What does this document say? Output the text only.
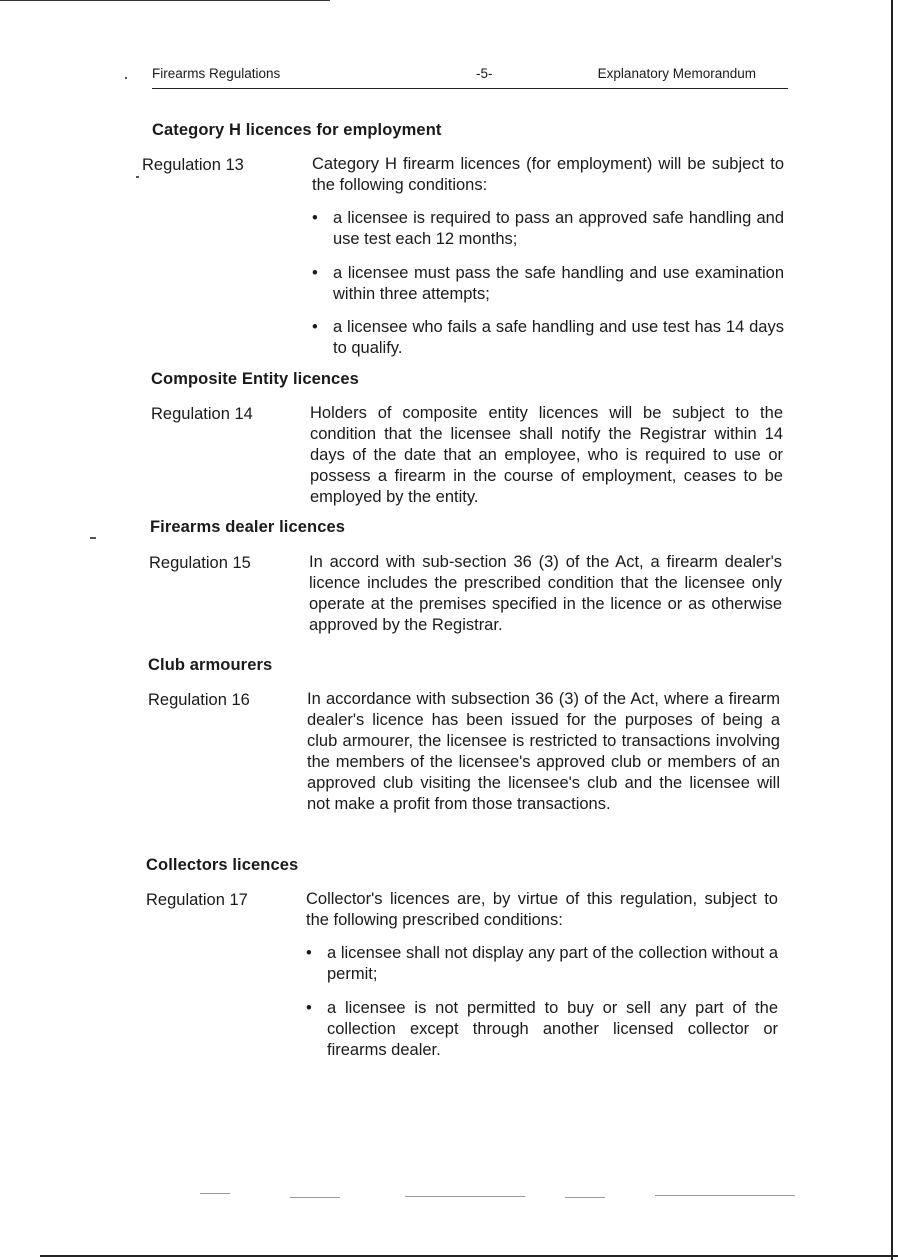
Firearms Regulations	-5-	Explanatory Memorandum
Category H licences for employment
Regulation 13	Category H firearm licences (for employment) will be subject to the following conditions:
• a licensee is required to pass an approved safe handling and use test each 12 months;
• a licensee must pass the safe handling and use examination within three attempts;
• a licensee who fails a safe handling and use test has 14 days to qualify.
Composite Entity licences
Regulation 14	Holders of composite entity licences will be subject to the condition that the licensee shall notify the Registrar within 14 days of the date that an employee, who is required to use or possess a firearm in the course of employment, ceases to be employed by the entity.
Firearms dealer licences
Regulation 15	In accord with sub-section 36 (3) of the Act, a firearm dealer's licence includes the prescribed condition that the licensee only operate at the premises specified in the licence or as otherwise approved by the Registrar.
Club armourers
Regulation 16	In accordance with subsection 36 (3) of the Act, where a firearm dealer's licence has been issued for the purposes of being a club armourer, the licensee is restricted to transactions involving the members of the licensee's approved club or members of an approved club visiting the licensee's club and the licensee will not make a profit from those transactions.
Collectors licences
Regulation 17	Collector's licences are, by virtue of this regulation, subject to the following prescribed conditions:
• a licensee shall not display any part of the collection without a permit;
• a licensee is not permitted to buy or sell any part of the collection except through another licensed collector or firearms dealer.
